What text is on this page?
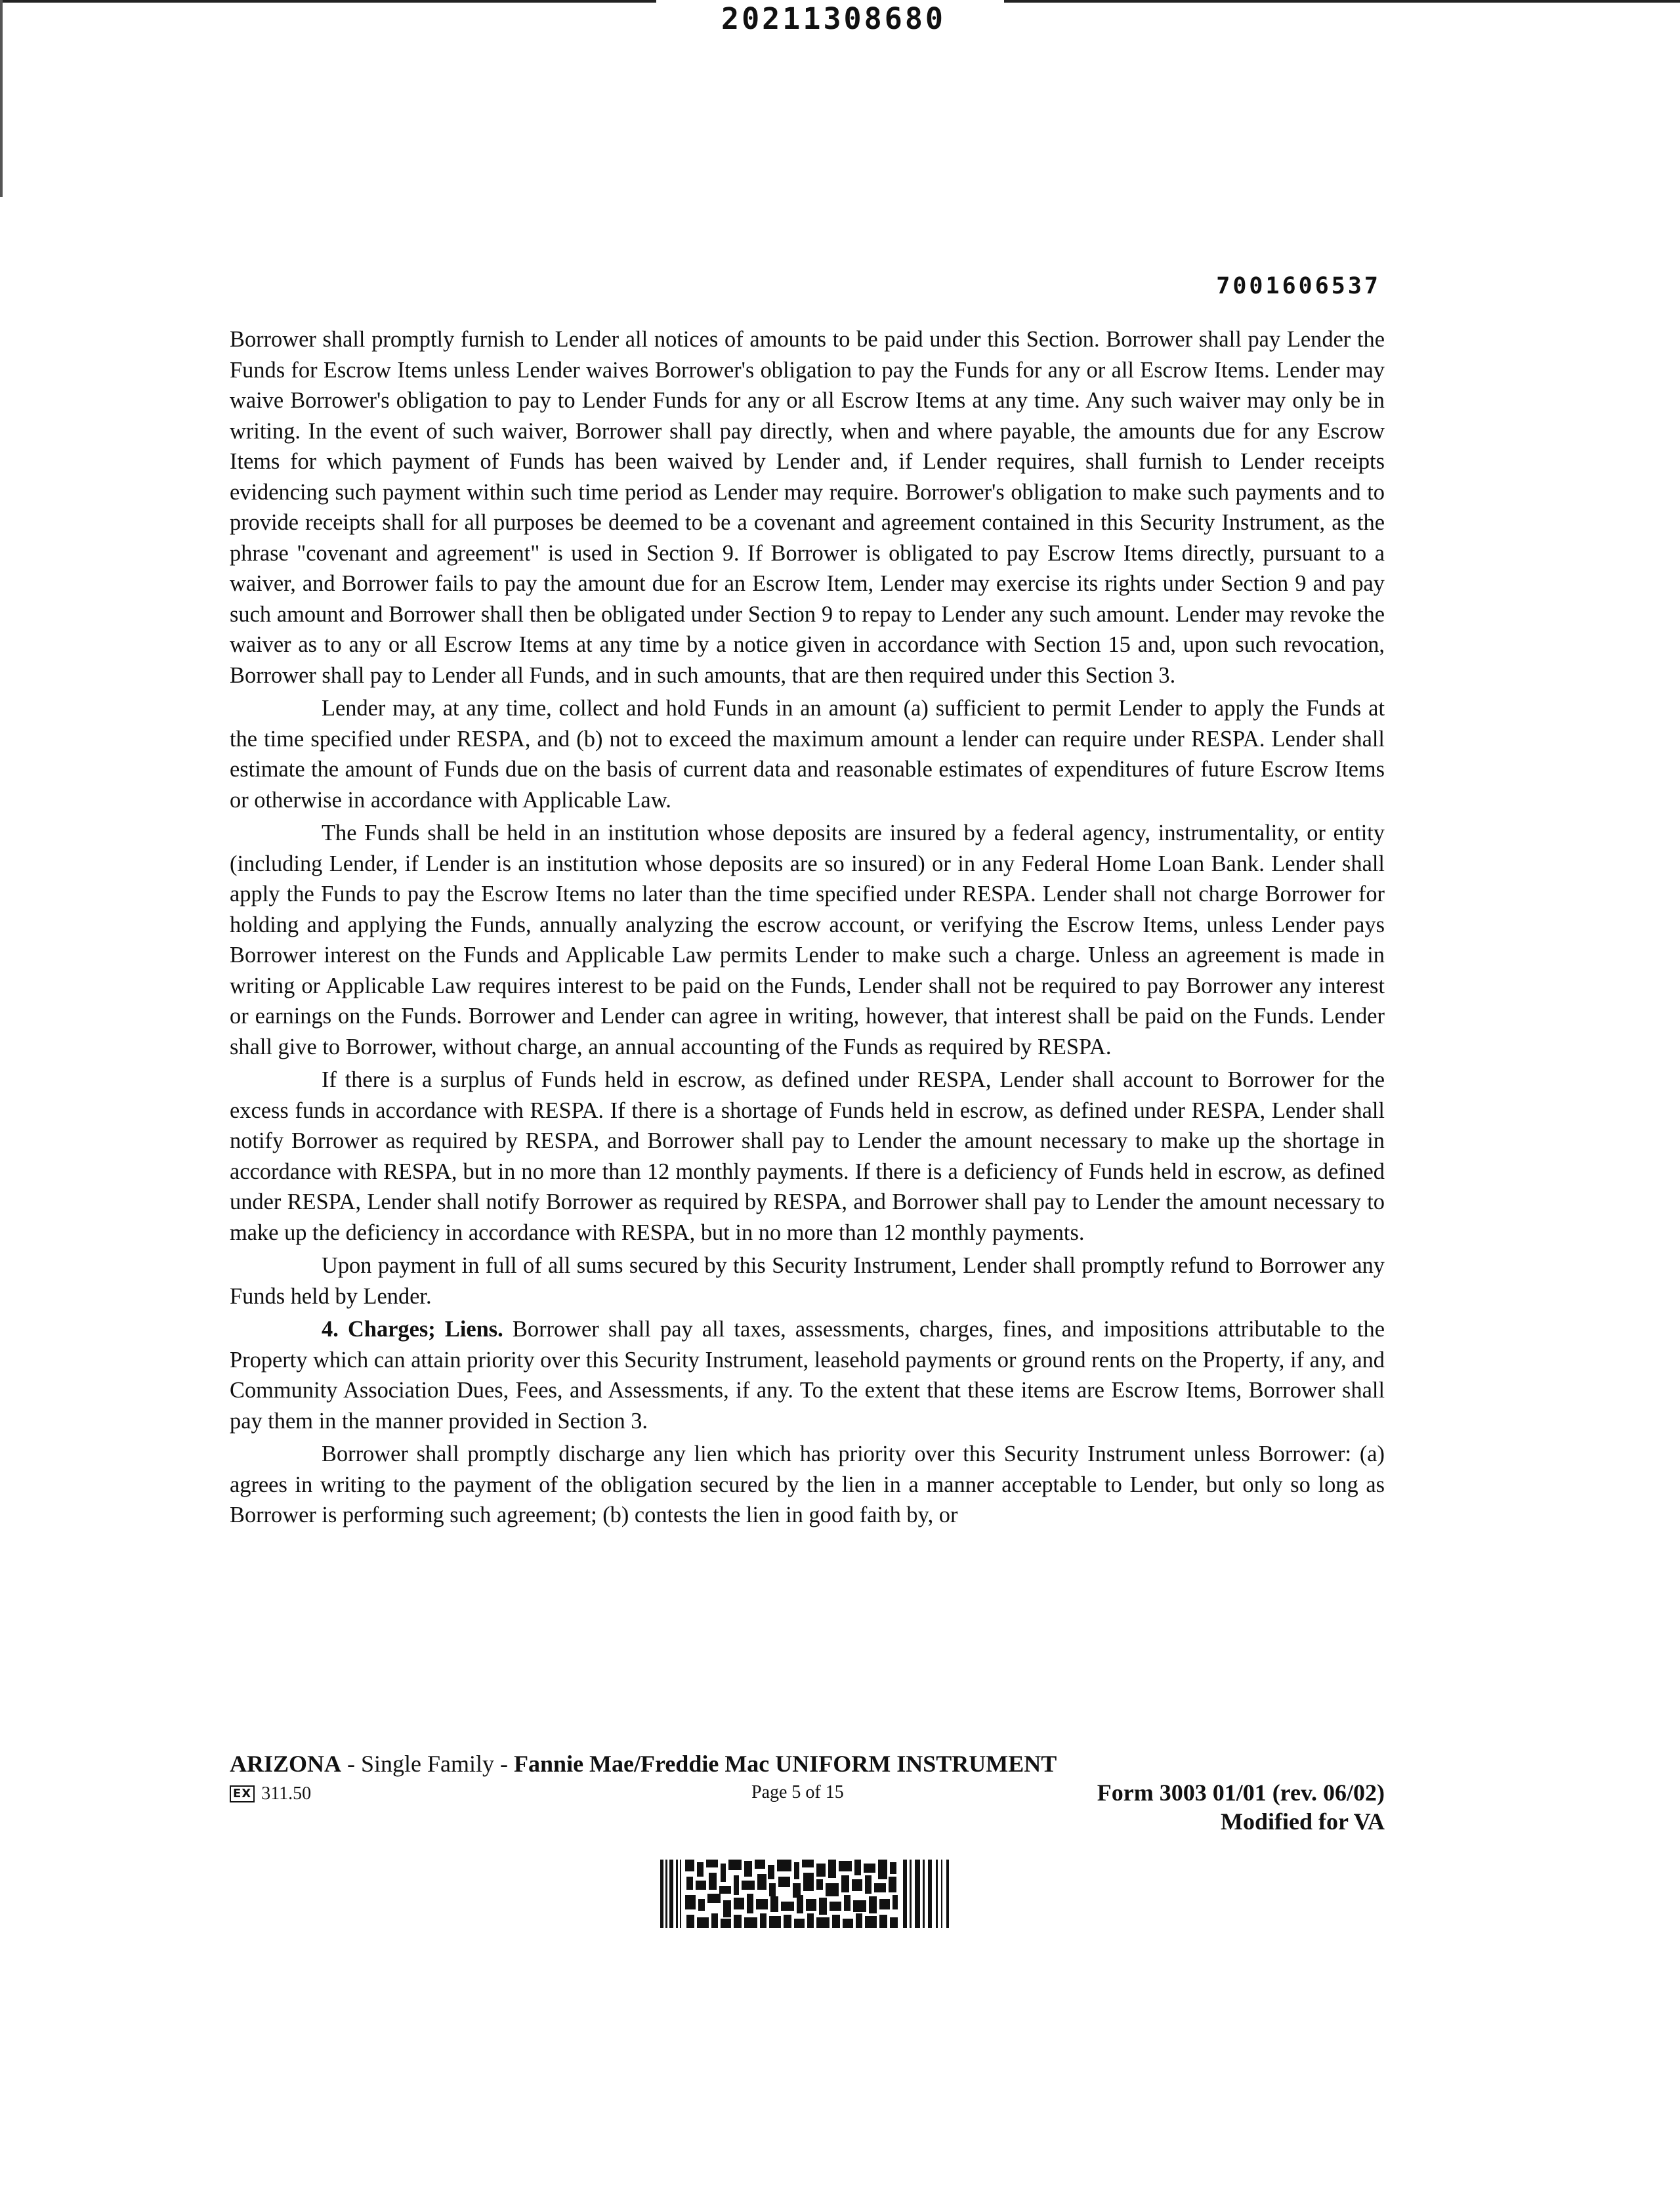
20211308680
7001606537

Borrower shall promptly furnish to Lender all notices of amounts to be paid under this Section. Borrower shall pay Lender the Funds for Escrow Items unless Lender waives Borrower's obligation to pay the Funds for any or all Escrow Items. Lender may waive Borrower's obligation to pay to Lender Funds for any or all Escrow Items at any time. Any such waiver may only be in writing. In the event of such waiver, Borrower shall pay directly, when and where payable, the amounts due for any Escrow Items for which payment of Funds has been waived by Lender and, if Lender requires, shall furnish to Lender receipts evidencing such payment within such time period as Lender may require. Borrower's obligation to make such payments and to provide receipts shall for all purposes be deemed to be a covenant and agreement contained in this Security Instrument, as the phrase "covenant and agreement" is used in Section 9. If Borrower is obligated to pay Escrow Items directly, pursuant to a waiver, and Borrower fails to pay the amount due for an Escrow Item, Lender may exercise its rights under Section 9 and pay such amount and Borrower shall then be obligated under Section 9 to repay to Lender any such amount. Lender may revoke the waiver as to any or all Escrow Items at any time by a notice given in accordance with Section 15 and, upon such revocation, Borrower shall pay to Lender all Funds, and in such amounts, that are then required under this Section 3.

Lender may, at any time, collect and hold Funds in an amount (a) sufficient to permit Lender to apply the Funds at the time specified under RESPA, and (b) not to exceed the maximum amount a lender can require under RESPA. Lender shall estimate the amount of Funds due on the basis of current data and reasonable estimates of expenditures of future Escrow Items or otherwise in accordance with Applicable Law.

The Funds shall be held in an institution whose deposits are insured by a federal agency, instrumentality, or entity (including Lender, if Lender is an institution whose deposits are so insured) or in any Federal Home Loan Bank. Lender shall apply the Funds to pay the Escrow Items no later than the time specified under RESPA. Lender shall not charge Borrower for holding and applying the Funds, annually analyzing the escrow account, or verifying the Escrow Items, unless Lender pays Borrower interest on the Funds and Applicable Law permits Lender to make such a charge. Unless an agreement is made in writing or Applicable Law requires interest to be paid on the Funds, Lender shall not be required to pay Borrower any interest or earnings on the Funds. Borrower and Lender can agree in writing, however, that interest shall be paid on the Funds. Lender shall give to Borrower, without charge, an annual accounting of the Funds as required by RESPA.

If there is a surplus of Funds held in escrow, as defined under RESPA, Lender shall account to Borrower for the excess funds in accordance with RESPA. If there is a shortage of Funds held in escrow, as defined under RESPA, Lender shall notify Borrower as required by RESPA, and Borrower shall pay to Lender the amount necessary to make up the shortage in accordance with RESPA, but in no more than 12 monthly payments. If there is a deficiency of Funds held in escrow, as defined under RESPA, Lender shall notify Borrower as required by RESPA, and Borrower shall pay to Lender the amount necessary to make up the deficiency in accordance with RESPA, but in no more than 12 monthly payments.

Upon payment in full of all sums secured by this Security Instrument, Lender shall promptly refund to Borrower any Funds held by Lender.

4. Charges; Liens. Borrower shall pay all taxes, assessments, charges, fines, and impositions attributable to the Property which can attain priority over this Security Instrument, leasehold payments or ground rents on the Property, if any, and Community Association Dues, Fees, and Assessments, if any. To the extent that these items are Escrow Items, Borrower shall pay them in the manner provided in Section 3.

Borrower shall promptly discharge any lien which has priority over this Security Instrument unless Borrower: (a) agrees in writing to the payment of the obligation secured by the lien in a manner acceptable to Lender, but only so long as Borrower is performing such agreement; (b) contests the lien in good faith by, or

ARIZONA - Single Family - Fannie Mae/Freddie Mac UNIFORM INSTRUMENT
EX 311.50	Page 5 of 15	Form 3003 01/01 (rev. 06/02)
Modified for VA
